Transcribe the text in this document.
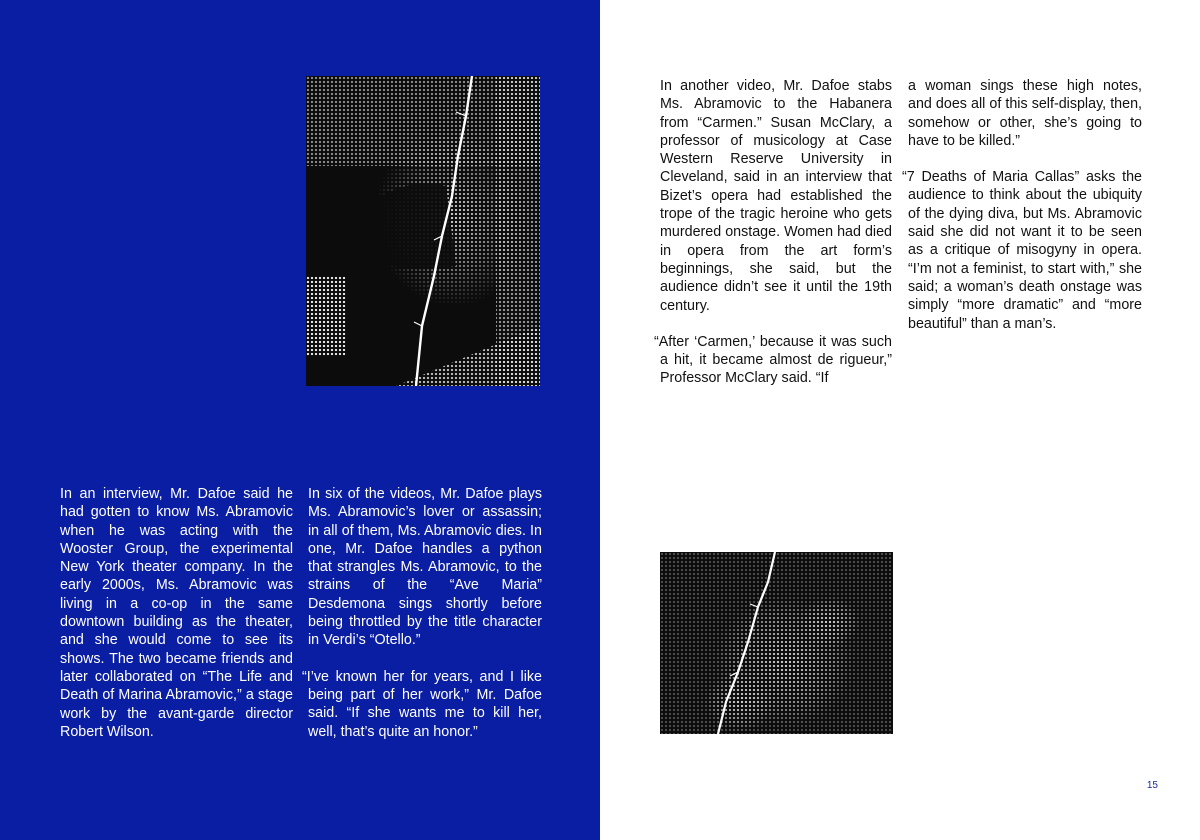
In an interview, Mr. Dafoe said he had gotten to know Ms. Abramovic when he was acting with the Wooster Group, the experimental New York theater company. In the early 2000s, Ms. Abramovic was living in a co-op in the same downtown building as the theater, and she would come to see its shows. The two became friends and later collaborated on “The Life and Death of Marina Abramovic,” a stage work by the avant-garde director Robert Wilson.

In six of the videos, Mr. Dafoe plays Ms. Abramovic’s lover or assassin; in all of them, Ms. Abramovic dies. In one, Mr. Dafoe handles a python that strangles Ms. Abramovic, to the strains of the “Ave Maria” Desdemona sings shortly before being throttled by the title character in Verdi’s “Otello.”

“I’ve known her for years, and I like being part of her work,” Mr. Dafoe said. “If she wants me to kill her, well, that’s quite an honor.”

In another video, Mr. Dafoe stabs Ms. Abramovic to the Habanera from “Carmen.” Susan McClary, a professor of musicology at Case Western Reserve University in Cleveland, said in an interview that Bizet’s opera had established the trope of the tragic heroine who gets murdered onstage. Women had died in opera from the art form’s beginnings, she said, but the audience didn’t see it until the 19th century.

“After ‘Carmen,’ because it was such a hit, it became almost de rigueur,” Professor McClary said. “If

a woman sings these high notes, and does all of this self-display, then, somehow or other, she’s going to have to be killed.”

“7 Deaths of Maria Callas” asks the audience to think about the ubiquity of the dying diva, but Ms. Abramovic said she did not want it to be seen as a critique of misogyny in opera. “I’m not a feminist, to start with,” she said; a woman’s death onstage was simply “more dramatic” and “more beautiful” than a man’s.

15
